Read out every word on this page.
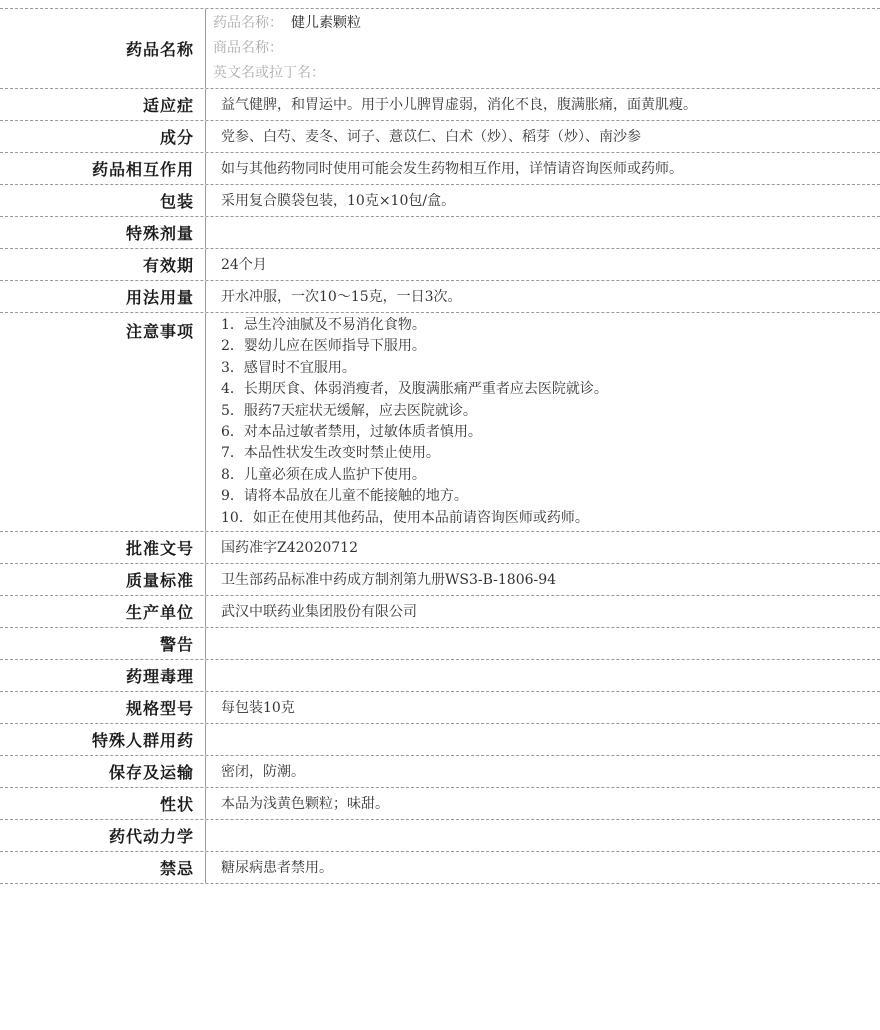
药品名称
药品名称： 健儿素颗粒
商品名称：
英文名或拉丁名：
适应症	益气健脾，和胃运中。用于小儿脾胃虚弱，消化不良，腹满胀痛，面黄肌瘦。
成分	党参、白芍、麦冬、诃子、薏苡仁、白术（炒）、稻芽（炒）、南沙参
药品相互作用	如与其他药物同时使用可能会发生药物相互作用，详情请咨询医师或药师。
包装	采用复合膜袋包装，10克×10包/盒。
特殊剂量
有效期	24个月
用法用量	开水冲服，一次10～15克，一日3次。
注意事项	1．忌生冷油腻及不易消化食物。
2．婴幼儿应在医师指导下服用。
3．感冒时不宜服用。
4．长期厌食、体弱消瘦者，及腹满胀痛严重者应去医院就诊。
5．服药7天症状无缓解，应去医院就诊。
6．对本品过敏者禁用，过敏体质者慎用。
7．本品性状发生改变时禁止使用。
8．儿童必须在成人监护下使用。
9．请将本品放在儿童不能接触的地方。
10．如正在使用其他药品，使用本品前请咨询医师或药师。
批准文号	国药准字Z42020712
质量标准	卫生部药品标准中药成方制剂第九册WS3-B-1806-94
生产单位	武汉中联药业集团股份有限公司
警告
药理毒理
规格型号	每包装10克
特殊人群用药
保存及运输	密闭，防潮。
性状	本品为浅黄色颗粒；味甜。
药代动力学
禁忌	糖尿病患者禁用。
